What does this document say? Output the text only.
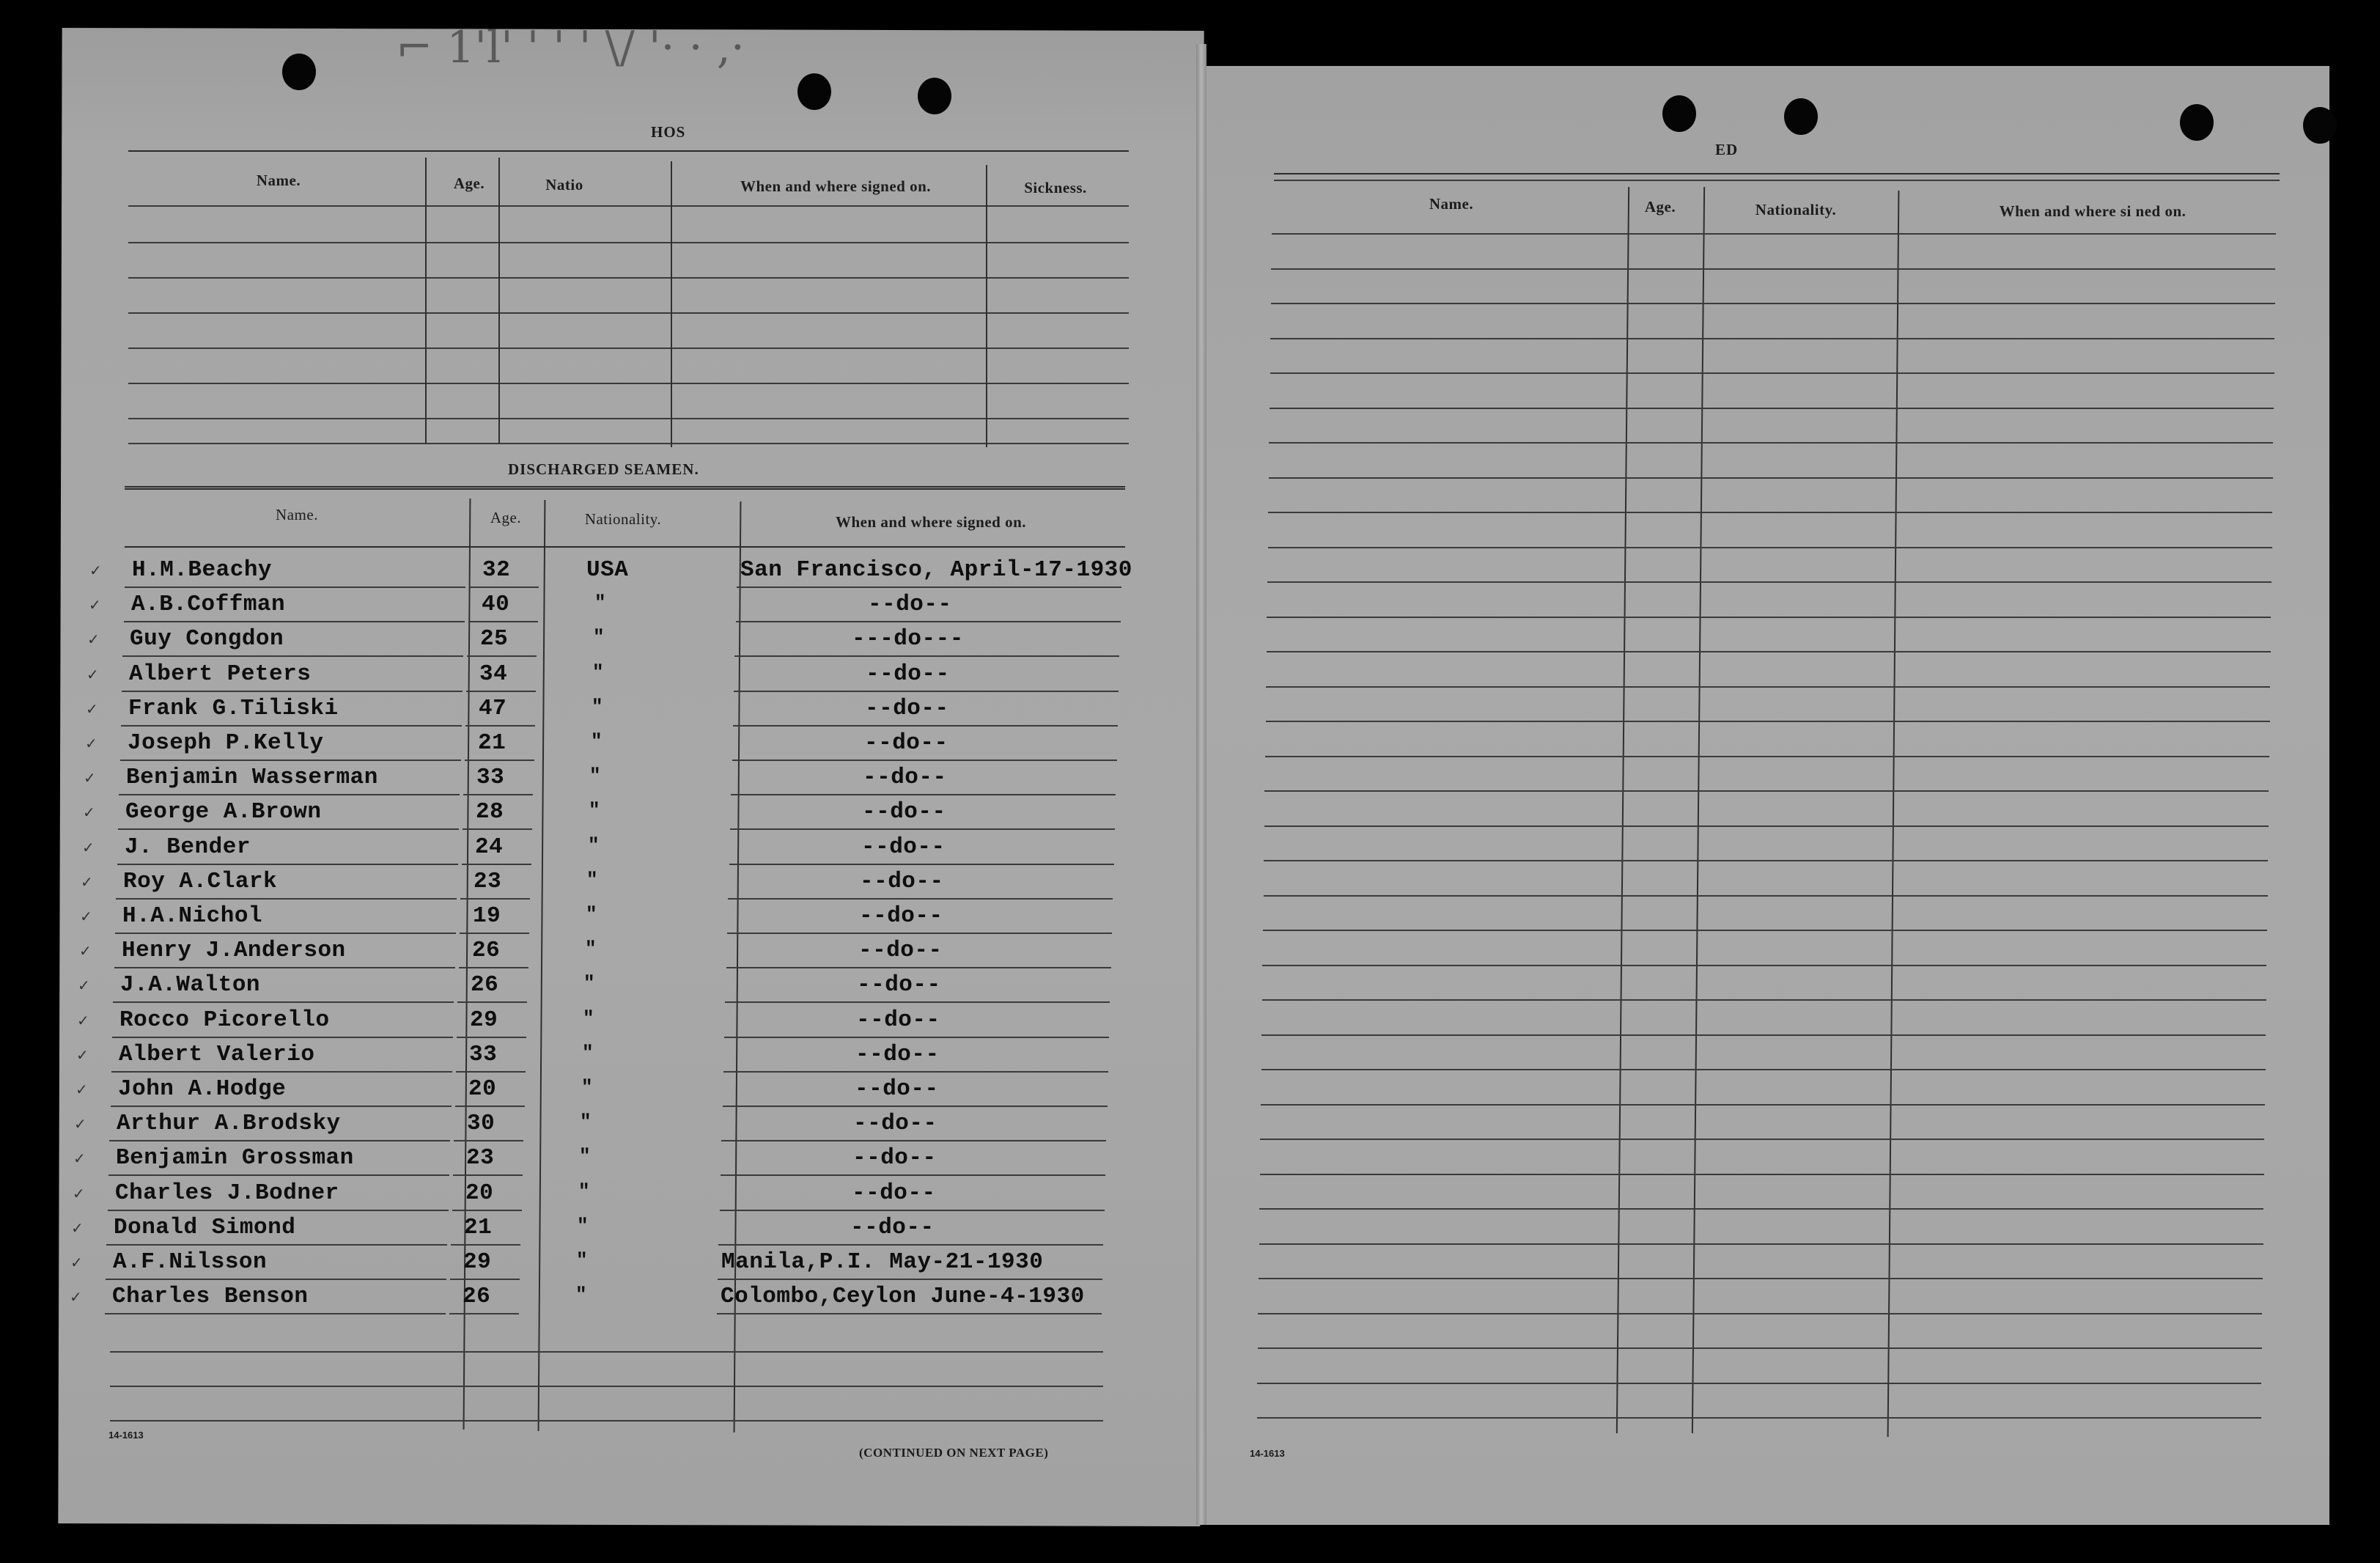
⌐ 1'l' ' ' ' \/ '· · ,·
HOS
Name.	Age.	Natio	When and where signed on.	Sickness.
DISCHARGED SEAMEN.
Name.	Age.	Nationality.	When and where signed on.
✓ H.M.Beachy	32	USA	San Francisco, April-17-1930
✓ A.B.Coffman	40	"	--do--
✓ Guy Congdon	25	"	---do---
✓ Albert Peters	34	"	--do--
✓ Frank G.Tiliski	47	"	--do--
✓ Joseph P.Kelly	21	"	--do--
✓ Benjamin Wasserman	33	"	--do--
✓ George A.Brown	28	"	--do--
✓ J. Bender	24	"	--do--
✓ Roy A.Clark	23	"	--do--
✓ H.A.Nichol	19	"	--do--
✓ Henry J.Anderson	26	"	--do--
✓ J.A.Walton	26	"	--do--
✓ Rocco Picorello	29	"	--do--
✓ Albert Valerio	33	"	--do--
✓ John A.Hodge	20	"	--do--
✓ Arthur A.Brodsky	30	"	--do--
✓ Benjamin Grossman	23	"	--do--
✓ Charles J.Bodner	20	"	--do--
✓ Donald Simond	21	"	--do--
✓ A.F.Nilsson	29	"	Manila,P.I. May-21-1930
✓ Charles Benson	26	"	Colombo,Ceylon June-4-1930
14-1613
(CONTINUED ON NEXT PAGE)
ED
Name.	Age.	Nationality.	When and where si ned on.
14-1613
